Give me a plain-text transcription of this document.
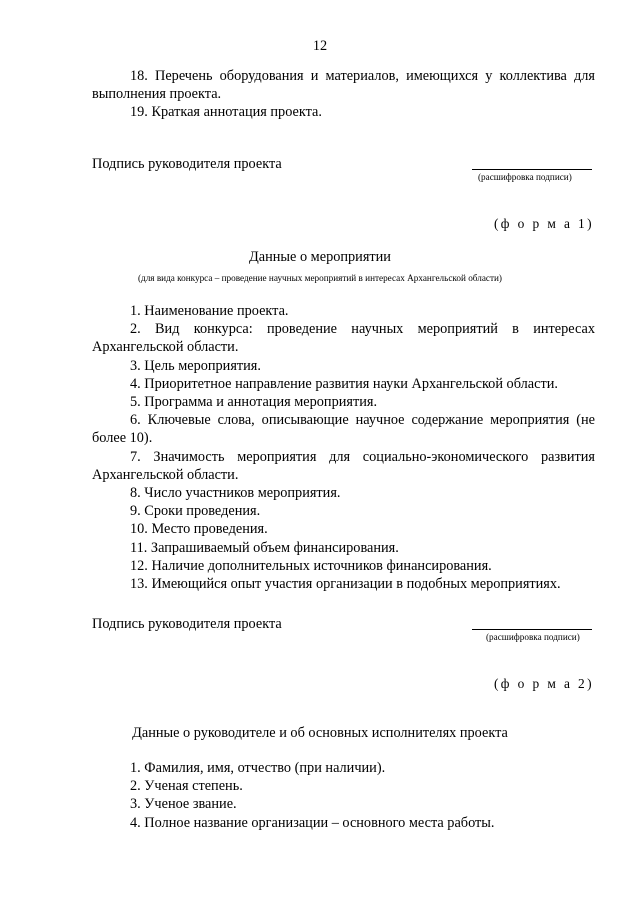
12

18. Перечень оборудования и материалов, имеющихся у коллектива для выполнения проекта.

19. Краткая аннотация проекта.

Подпись руководителя проекта
(расшифровка подписи)
(ф о р м а 1)
Данные о мероприятии
(для вида конкурса – проведение научных мероприятий в интересах Архангельской области)

1. Наименование проекта.

2. Вид конкурса: проведение научных мероприятий в интересах Архангельской области.

3. Цель мероприятия.

4. Приоритетное направление развития науки Архангельской области.

5. Программа и аннотация мероприятия.

6. Ключевые слова, описывающие научное содержание мероприятия (не более 10).

7. Значимость мероприятия для социально-экономического развития Архангельской области.

8. Число участников мероприятия.

9. Сроки проведения.

10. Место проведения.

11. Запрашиваемый объем финансирования.

12. Наличие дополнительных источников финансирования.

13. Имеющийся опыт участия организации в подобных мероприятиях.

Подпись руководителя проекта
(расшифровка подписи)
(ф о р м а 2)
Данные о руководителе и об основных исполнителях проекта

1. Фамилия, имя, отчество (при наличии).

2. Ученая степень.

3. Ученое звание.

4. Полное название организации – основного места работы.
